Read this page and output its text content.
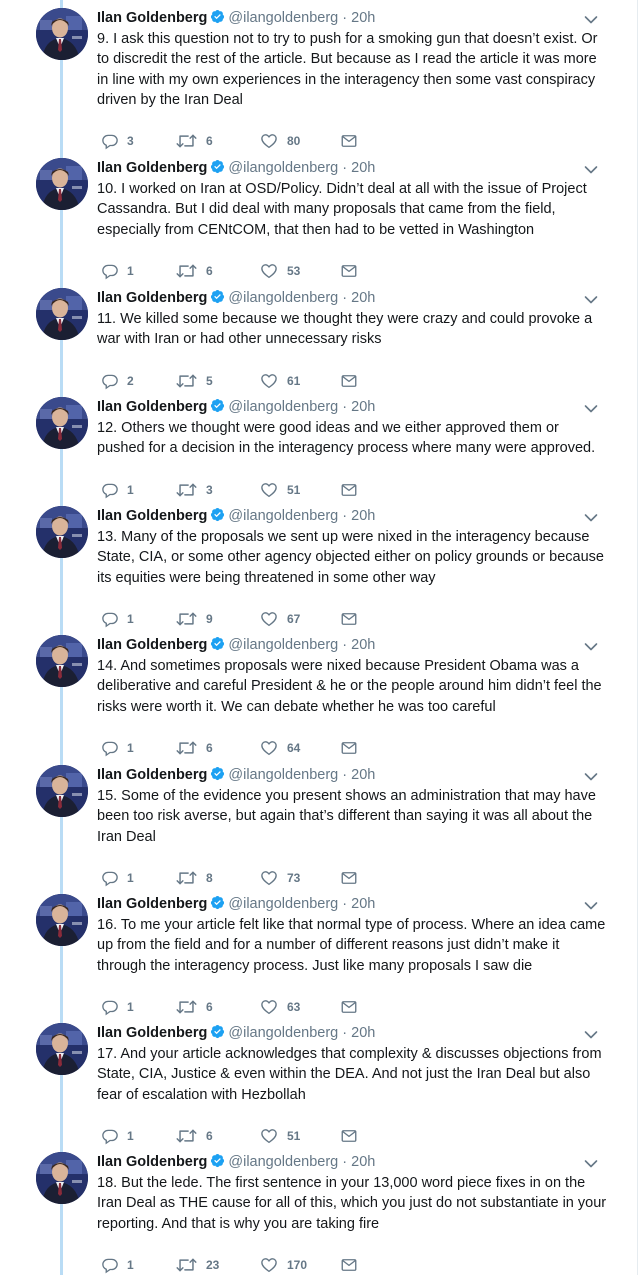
Ilan Goldenberg @ilangoldenberg · 20h
9. I ask this question not to try to push for a smoking gun that doesn’t exist. Or to discredit the rest of the article. But because as I read the article it was more in line with my own experiences in the interagency then some vast conspiracy driven by the Iran Deal
3	6	80
Ilan Goldenberg @ilangoldenberg · 20h
10. I worked on Iran at OSD/Policy. Didn’t deal at all with the issue of Project Cassandra. But I did deal with many proposals that came from the field, especially from CENtCOM, that then had to be vetted in Washington
1	6	53
Ilan Goldenberg @ilangoldenberg · 20h
11. We killed some because we thought they were crazy and could provoke a war with Iran or had other unnecessary risks
2	5	61
Ilan Goldenberg @ilangoldenberg · 20h
12. Others we thought were good ideas and we either approved them or pushed for a decision in the interagency process where many were approved.
1	3	51
Ilan Goldenberg @ilangoldenberg · 20h
13. Many of the proposals we sent up were nixed in the interagency because State, CIA, or some other agency objected either on policy grounds or because its equities were being threatened in some other way
1	9	67
Ilan Goldenberg @ilangoldenberg · 20h
14. And sometimes proposals were nixed because President Obama was a deliberative and careful President & he or the people around him didn’t feel the risks were worth it. We can debate whether he was too careful
1	6	64
Ilan Goldenberg @ilangoldenberg · 20h
15. Some of the evidence you present shows an administration that may have been too risk averse, but again that’s different than saying it was all about the Iran Deal
1	8	73
Ilan Goldenberg @ilangoldenberg · 20h
16. To me your article felt like that normal type of process. Where an idea came up from the field and for a number of different reasons just didn’t make it through the interagency process. Just like many proposals I saw die
1	6	63
Ilan Goldenberg @ilangoldenberg · 20h
17. And your article acknowledges that complexity & discusses objections from State, CIA, Justice & even within the DEA. And not just the Iran Deal but also fear of escalation with Hezbollah
1	6	51
Ilan Goldenberg @ilangoldenberg · 20h
18. But the lede. The first sentence in your 13,000 word piece fixes in on the Iran Deal as THE cause for all of this, which you just do not substantiate in your reporting. And that is why you are taking fire
1	23	170
